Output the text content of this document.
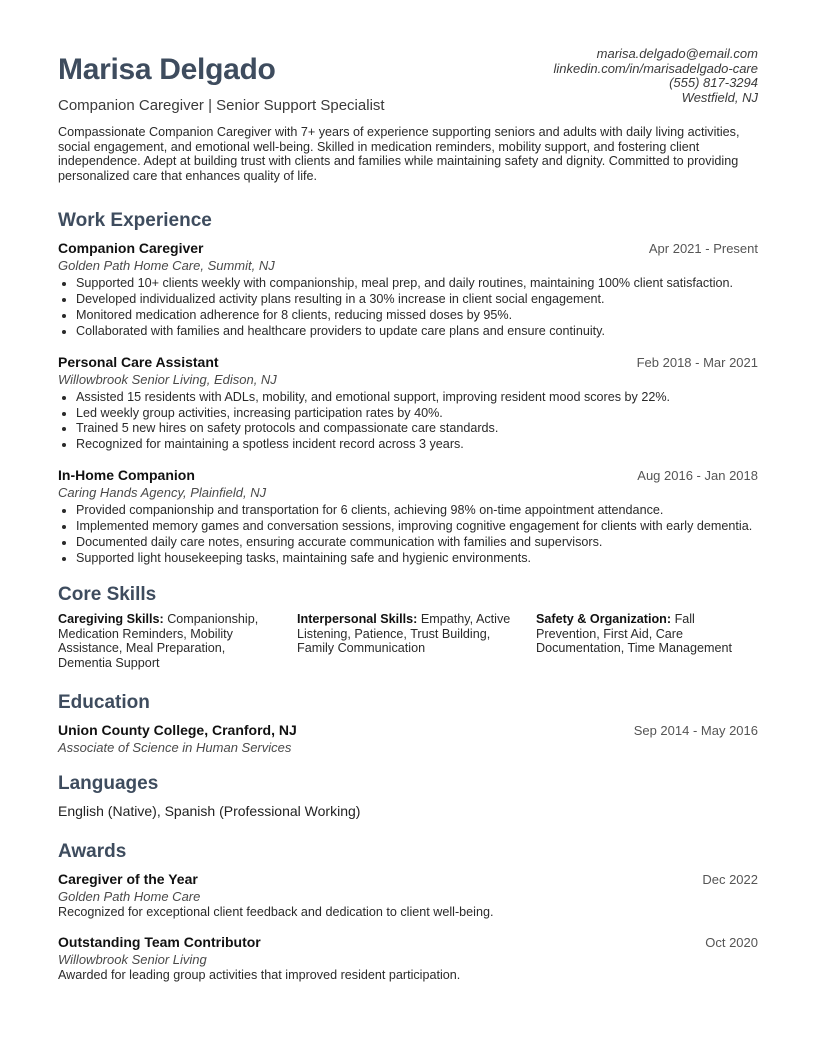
Marisa Delgado
Companion Caregiver | Senior Support Specialist
marisa.delgado@email.com
linkedin.com/in/marisadelgado-care
(555) 817-3294
Westfield, NJ

Compassionate Companion Caregiver with 7+ years of experience supporting seniors and adults with daily living activities, social engagement, and emotional well-being. Skilled in medication reminders, mobility support, and fostering client independence. Adept at building trust with clients and families while maintaining safety and dignity. Committed to providing personalized care that enhances quality of life.

Work Experience
Companion Caregiver	Apr 2021 - Present
Golden Path Home Care, Summit, NJ
• Supported 10+ clients weekly with companionship, meal prep, and daily routines, maintaining 100% client satisfaction.
• Developed individualized activity plans resulting in a 30% increase in client social engagement.
• Monitored medication adherence for 8 clients, reducing missed doses by 95%.
• Collaborated with families and healthcare providers to update care plans and ensure continuity.
Personal Care Assistant	Feb 2018 - Mar 2021
Willowbrook Senior Living, Edison, NJ
• Assisted 15 residents with ADLs, mobility, and emotional support, improving resident mood scores by 22%.
• Led weekly group activities, increasing participation rates by 40%.
• Trained 5 new hires on safety protocols and compassionate care standards.
• Recognized for maintaining a spotless incident record across 3 years.
In-Home Companion	Aug 2016 - Jan 2018
Caring Hands Agency, Plainfield, NJ
• Provided companionship and transportation for 6 clients, achieving 98% on-time appointment attendance.
• Implemented memory games and conversation sessions, improving cognitive engagement for clients with early dementia.
• Documented daily care notes, ensuring accurate communication with families and supervisors.
• Supported light housekeeping tasks, maintaining safe and hygienic environments.
Core Skills
Caregiving Skills: Companionship, Medication Reminders, Mobility Assistance, Meal Preparation, Dementia Support
Interpersonal Skills: Empathy, Active Listening, Patience, Trust Building, Family Communication
Safety & Organization: Fall Prevention, First Aid, Care Documentation, Time Management
Education
Union County College, Cranford, NJ	Sep 2014 - May 2016
Associate of Science in Human Services
Languages
English (Native), Spanish (Professional Working)
Awards
Caregiver of the Year	Dec 2022
Golden Path Home Care
Recognized for exceptional client feedback and dedication to client well-being.
Outstanding Team Contributor	Oct 2020
Willowbrook Senior Living
Awarded for leading group activities that improved resident participation.
